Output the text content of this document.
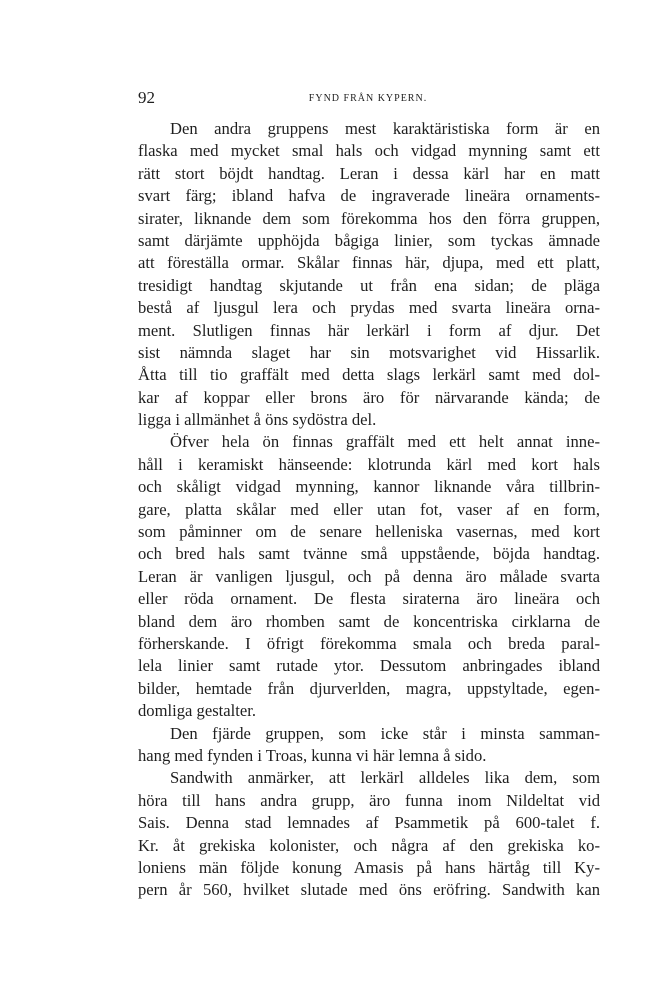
92	FYND FRÅN KYPERN.
Den andra gruppens mest karaktäristiska form är en
flaska med mycket smal hals och vidgad mynning samt ett
rätt stort böjdt handtag. Leran i dessa kärl har en matt
svart färg; ibland hafva de ingraverade lineära ornaments-
sirater, liknande dem som förekomma hos den förra gruppen,
samt därjämte upphöjda bågiga linier, som tyckas ämnade
att föreställa ormar. Skålar finnas här, djupa, med ett platt,
tresidigt handtag skjutande ut från ena sidan; de pläga
bestå af ljusgul lera och prydas med svarta lineära orna-
ment. Slutligen finnas här lerkärl i form af djur. Det
sist nämnda slaget har sin motsvarighet vid Hissarlik.
Åtta till tio graffält med detta slags lerkärl samt med dol-
kar af koppar eller brons äro för närvarande kända; de
ligga i allmänhet å öns sydöstra del.
Öfver hela ön finnas graffält med ett helt annat inne-
håll i keramiskt hänseende: klotrunda kärl med kort hals
och skåligt vidgad mynning, kannor liknande våra tillbrin-
gare, platta skålar med eller utan fot, vaser af en form,
som påminner om de senare helleniska vasernas, med kort
och bred hals samt tvänne små uppstående, böjda handtag.
Leran är vanligen ljusgul, och på denna äro målade svarta
eller röda ornament. De flesta siraterna äro lineära och
bland dem äro rhomben samt de koncentriska cirklarna de
förherskande. I öfrigt förekomma smala och breda paral-
lela linier samt rutade ytor. Dessutom anbringades ibland
bilder, hemtade från djurverlden, magra, uppstyltade, egen-
domliga gestalter.
Den fjärde gruppen, som icke står i minsta samman-
hang med fynden i Troas, kunna vi här lemna å sido.
Sandwith anmärker, att lerkärl alldeles lika dem, som
höra till hans andra grupp, äro funna inom Nildeltat vid
Sais. Denna stad lemnades af Psammetik på 600-talet f.
Kr. åt grekiska kolonister, och några af den grekiska ko-
loniens män följde konung Amasis på hans härtåg till Ky-
pern år 560, hvilket slutade med öns eröfring. Sandwith kan
